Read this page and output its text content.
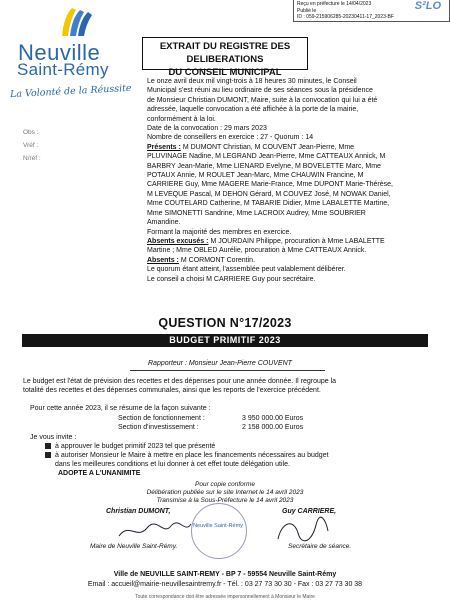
Reçu en préfecture le 14/04/2023
Publié le
ID : 059-215906285-20230411-17_2023-BF
S²LO
Neuville
Saint-Rémy
La Volonté de la Réussite
Obs :
Vréf :
N/réf :
EXTRAIT DU REGISTRE DES DELIBERATIONS
DU CONSEIL MUNICIPAL
Le onze avril deux mil vingt-trois à 18 heures 30 minutes, le Conseil
Municipal s'est réuni au lieu ordinaire de ses séances sous la présidence
de Monsieur Christian DUMONT, Maire, suite à la convocation qui lui a été
adressée, laquelle convocation a été affichée à la porte de la mairie,
conformément à la loi.
Date de la convocation : 29 mars 2023
Nombre de conseillers en exercice : 27 - Quorum : 14
Présents : M DUMONT Christian, M COUVENT Jean-Pierre, Mme
PLUVINAGE Nadine, M LEGRAND Jean-Pierre, Mme CATTEAUX Annick, M
BARBRY Jean-Marie, Mme LIENARD Evelyne, M BOVELETTE Marc, Mme
POTAUX Annie, M ROULET Jean-Marc, Mme CHAUWIN Francine, M
CARRIERE Guy, Mme MAGERE Marie-France, Mme DUPONT Marie-Thérèse,
M LEVEQUE Pascal, M DEHON Gérard, M COUVEZ José, M NOWAK Daniel,
Mme COUTELARD Catherine, M TABARIE Didier, Mme LABALETTE Martine,
Mme SIMONETTI Sandrine, Mme LACROIX Audrey, Mme SOUBRIER
Amandine.
Formant la majorité des membres en exercice.
Absents excusés : M JOURDAIN Philippe, procuration à Mme LABALETTE
Martine ; Mme OBLED Aurélie, procuration à Mme CATTEAUX Annick.
Absents : M CORMONT Corentin.
Le quorum étant atteint, l'assemblée peut valablement délibérer.
Le conseil a choisi M CARRIERE Guy pour secrétaire.
QUESTION N°17/2023
BUDGET PRIMITIF 2023
Rapporteur : Monsieur Jean-Pierre COUVENT
Le budget est l'état de prévision des recettes et des dépenses pour une année donnée. Il regroupe la
totalité des recettes et des dépenses communales, ainsi que les reports de l'exercice précédent.
Pour cette année 2023, il se résume de la façon suivante :
Section de fonctionnement :	3 950 000.00 Euros
Section d'investissement :	2 158 000.00 Euros
Je vous invite :
à approuver le budget primitif 2023 tel que présenté
à autoriser Monsieur le Maire à mettre en place les financements nécessaires au budget
dans les meilleures conditions et lui donner à cet effet toute délégation utile.
ADOPTE A L'UNANIMITE
Pour copie conforme
Délibération publiée sur le site Internet le 14 avril 2023
Transmise à la Sous-Préfecture le 14 avril 2023
Christian DUMONT,	Guy CARRIERE,
Neuville Saint-Rémy
Maire de Neuville Saint-Rémy.	Secrétaire de séance.
Ville de NEUVILLE SAINT-REMY - BP 7 - 59554 Neuville Saint-Rémy
Email : accueil@mairie-neuvillesaintremy.fr - Tél. : 03 27 73 30 30 - Fax : 03 27 73 30 38
Toute correspondance doit être adressée impersonnellement à Monsieur le Maire
